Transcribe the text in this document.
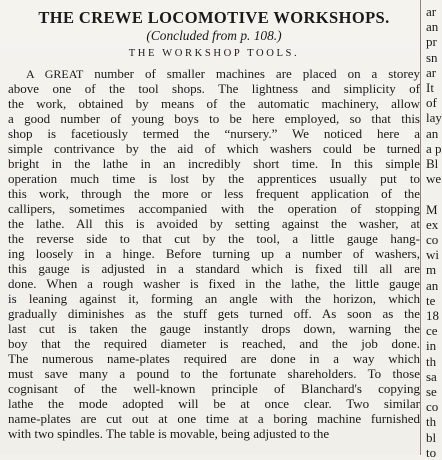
THE CREWE LOCOMOTIVE WORKSHOPS.
(Concluded from p. 108.)
THE WORKSHOP TOOLS.
A GREAT number of smaller machines are placed on a storey
above one of the tool shops. The lightness and simplicity of
the work, obtained by means of the automatic machinery, allow
a good number of young boys to be here employed, so that this
shop is facetiously termed the “nursery.” We noticed here a
simple contrivance by the aid of which washers could be turned
bright in the lathe in an incredibly short time. In this simple
operation much time is lost by the apprentices usually put to
this work, through the more or less frequent application of the
callipers, sometimes accompanied with the operation of stopping
the lathe. All this is avoided by setting against the washer, at
the reverse side to that cut by the tool, a little gauge hang-
ing loosely in a hinge. Before turning up a number of washers,
this gauge is adjusted in a standard which is fixed till all are
done. When a rough washer is fixed in the lathe, the little gauge
is leaning against it, forming an angle with the horizon, which
gradually diminishes as the stuff gets turned off. As soon as the
last cut is taken the gauge instantly drops down, warning the
boy that the required diameter is reached, and the job done.
The numerous name-plates required are done in a way which
must save many a pound to the fortunate shareholders. To those
cognisant of the well-known principle of Blanchard's copying
lathe the mode adopted will be at once clear. Two similar
name-plates are cut out at one time at a boring machine furnished
with two spindles. The table is movable, being adjusted to the
ar
an
pr
sn
ar
It
of
lay
an
a p
Bl
we
M
ex
co
wi
m
an
te
18
ce
in
th
sa
se
co
th
bl
to
